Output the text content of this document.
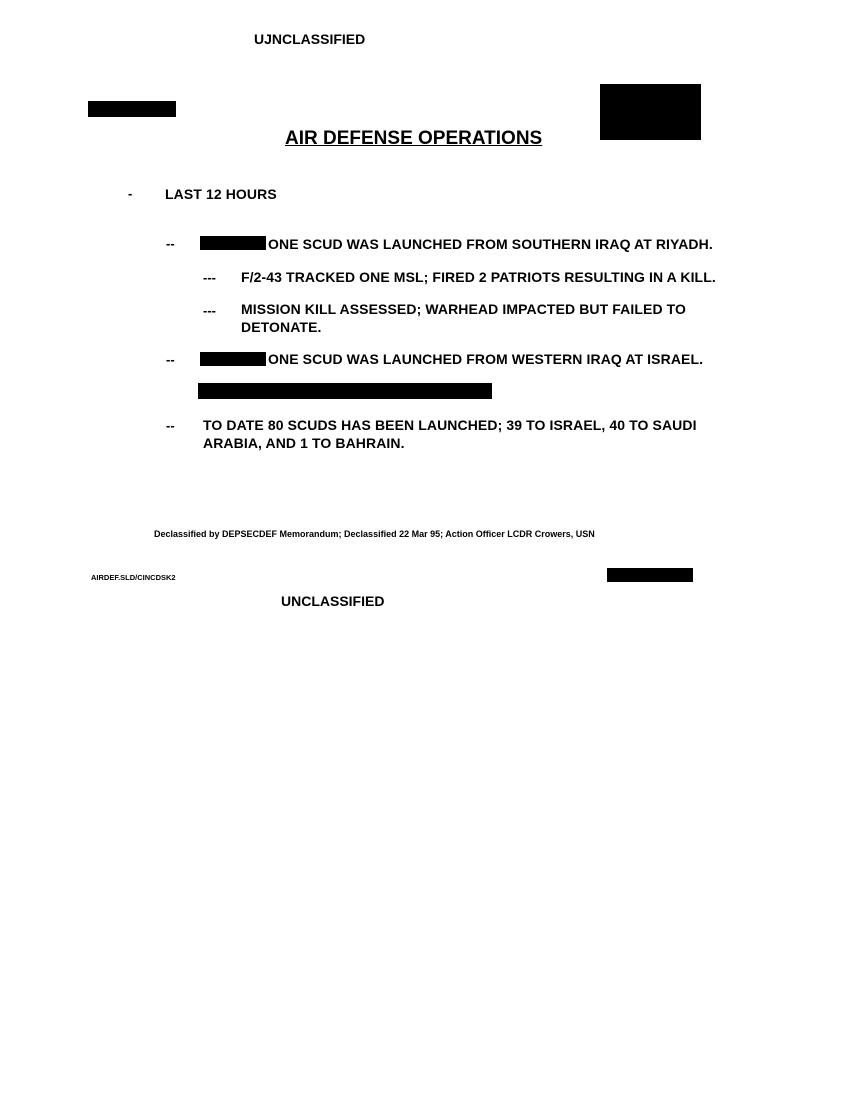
UJNCLASSIFIED
AIR DEFENSE OPERATIONS
- LAST 12 HOURS
--	ONE SCUD WAS LAUNCHED FROM SOUTHERN IRAQ AT RIYADH.
--- F/2-43 TRACKED ONE MSL; FIRED 2 PATRIOTS RESULTING IN A KILL.
--- MISSION KILL ASSESSED; WARHEAD IMPACTED BUT FAILED TO
DETONATE.
--	ONE SCUD WAS LAUNCHED FROM WESTERN IRAQ AT ISRAEL.
-- TO DATE 80 SCUDS HAS BEEN LAUNCHED; 39 TO ISRAEL, 40 TO SAUDI
ARABIA, AND 1 TO BAHRAIN.
Declassified by DEPSECDEF Memorandum; Declassified 22 Mar 95; Action Officer LCDR Crowers, USN
AIRDEF.SLD/CINCDSK2
UNCLASSIFIED
